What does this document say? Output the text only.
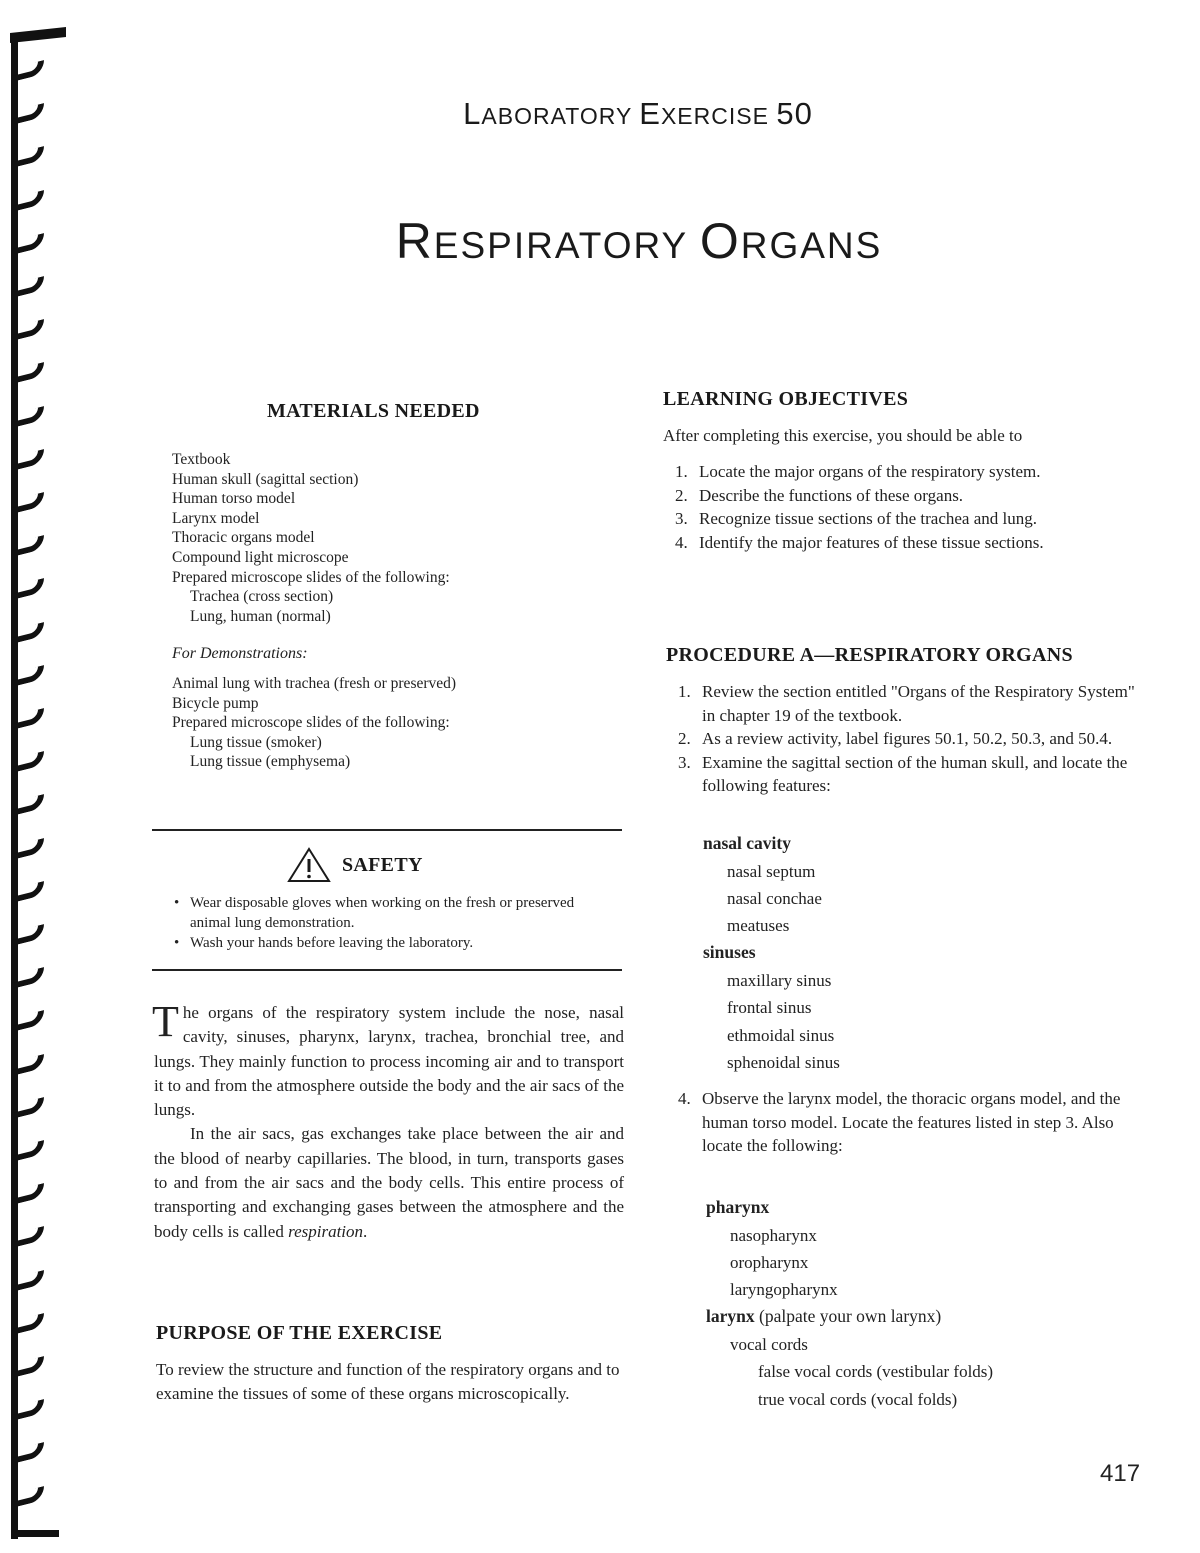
LABORATORY EXERCISE 50
RESPIRATORY ORGANS
MATERIALS NEEDED
Textbook
Human skull (sagittal section)
Human torso model
Larynx model
Thoracic organs model
Compound light microscope
Prepared microscope slides of the following:
Trachea (cross section)
Lung, human (normal)
For Demonstrations:
Animal lung with trachea (fresh or preserved)
Bicycle pump
Prepared microscope slides of the following:
Lung tissue (smoker)
Lung tissue (emphysema)
SAFETY
• Wear disposable gloves when working on the fresh or preserved animal lung demonstration.
• Wash your hands before leaving the laboratory.

The organs of the respiratory system include the nose, nasal cavity, sinuses, pharynx, larynx, trachea, bronchial tree, and lungs. They mainly function to process incoming air and to transport it to and from the atmosphere outside the body and the air sacs of the lungs.

In the air sacs, gas exchanges take place between the air and the blood of nearby capillaries. The blood, in turn, transports gases to and from the air sacs and the body cells. This entire process of transporting and exchanging gases between the atmosphere and the body cells is called respiration.

PURPOSE OF THE EXERCISE
To review the structure and function of the respiratory organs and to examine the tissues of some of these organs microscopically.
LEARNING OBJECTIVES
After completing this exercise, you should be able to
1. Locate the major organs of the respiratory system.
2. Describe the functions of these organs.
3. Recognize tissue sections of the trachea and lung.
4. Identify the major features of these tissue sections.
PROCEDURE A—RESPIRATORY ORGANS
1. Review the section entitled "Organs of the Respiratory System" in chapter 19 of the textbook.
2. As a review activity, label figures 50.1, 50.2, 50.3, and 50.4.
3. Examine the sagittal section of the human skull, and locate the following features:
nasal cavity
nasal septum
nasal conchae
meatuses
sinuses
maxillary sinus
frontal sinus
ethmoidal sinus
sphenoidal sinus
4. Observe the larynx model, the thoracic organs model, and the human torso model. Locate the features listed in step 3. Also locate the following:
pharynx
nasopharynx
oropharynx
laryngopharynx
larynx (palpate your own larynx)
vocal cords
false vocal cords (vestibular folds)
true vocal cords (vocal folds)
417
